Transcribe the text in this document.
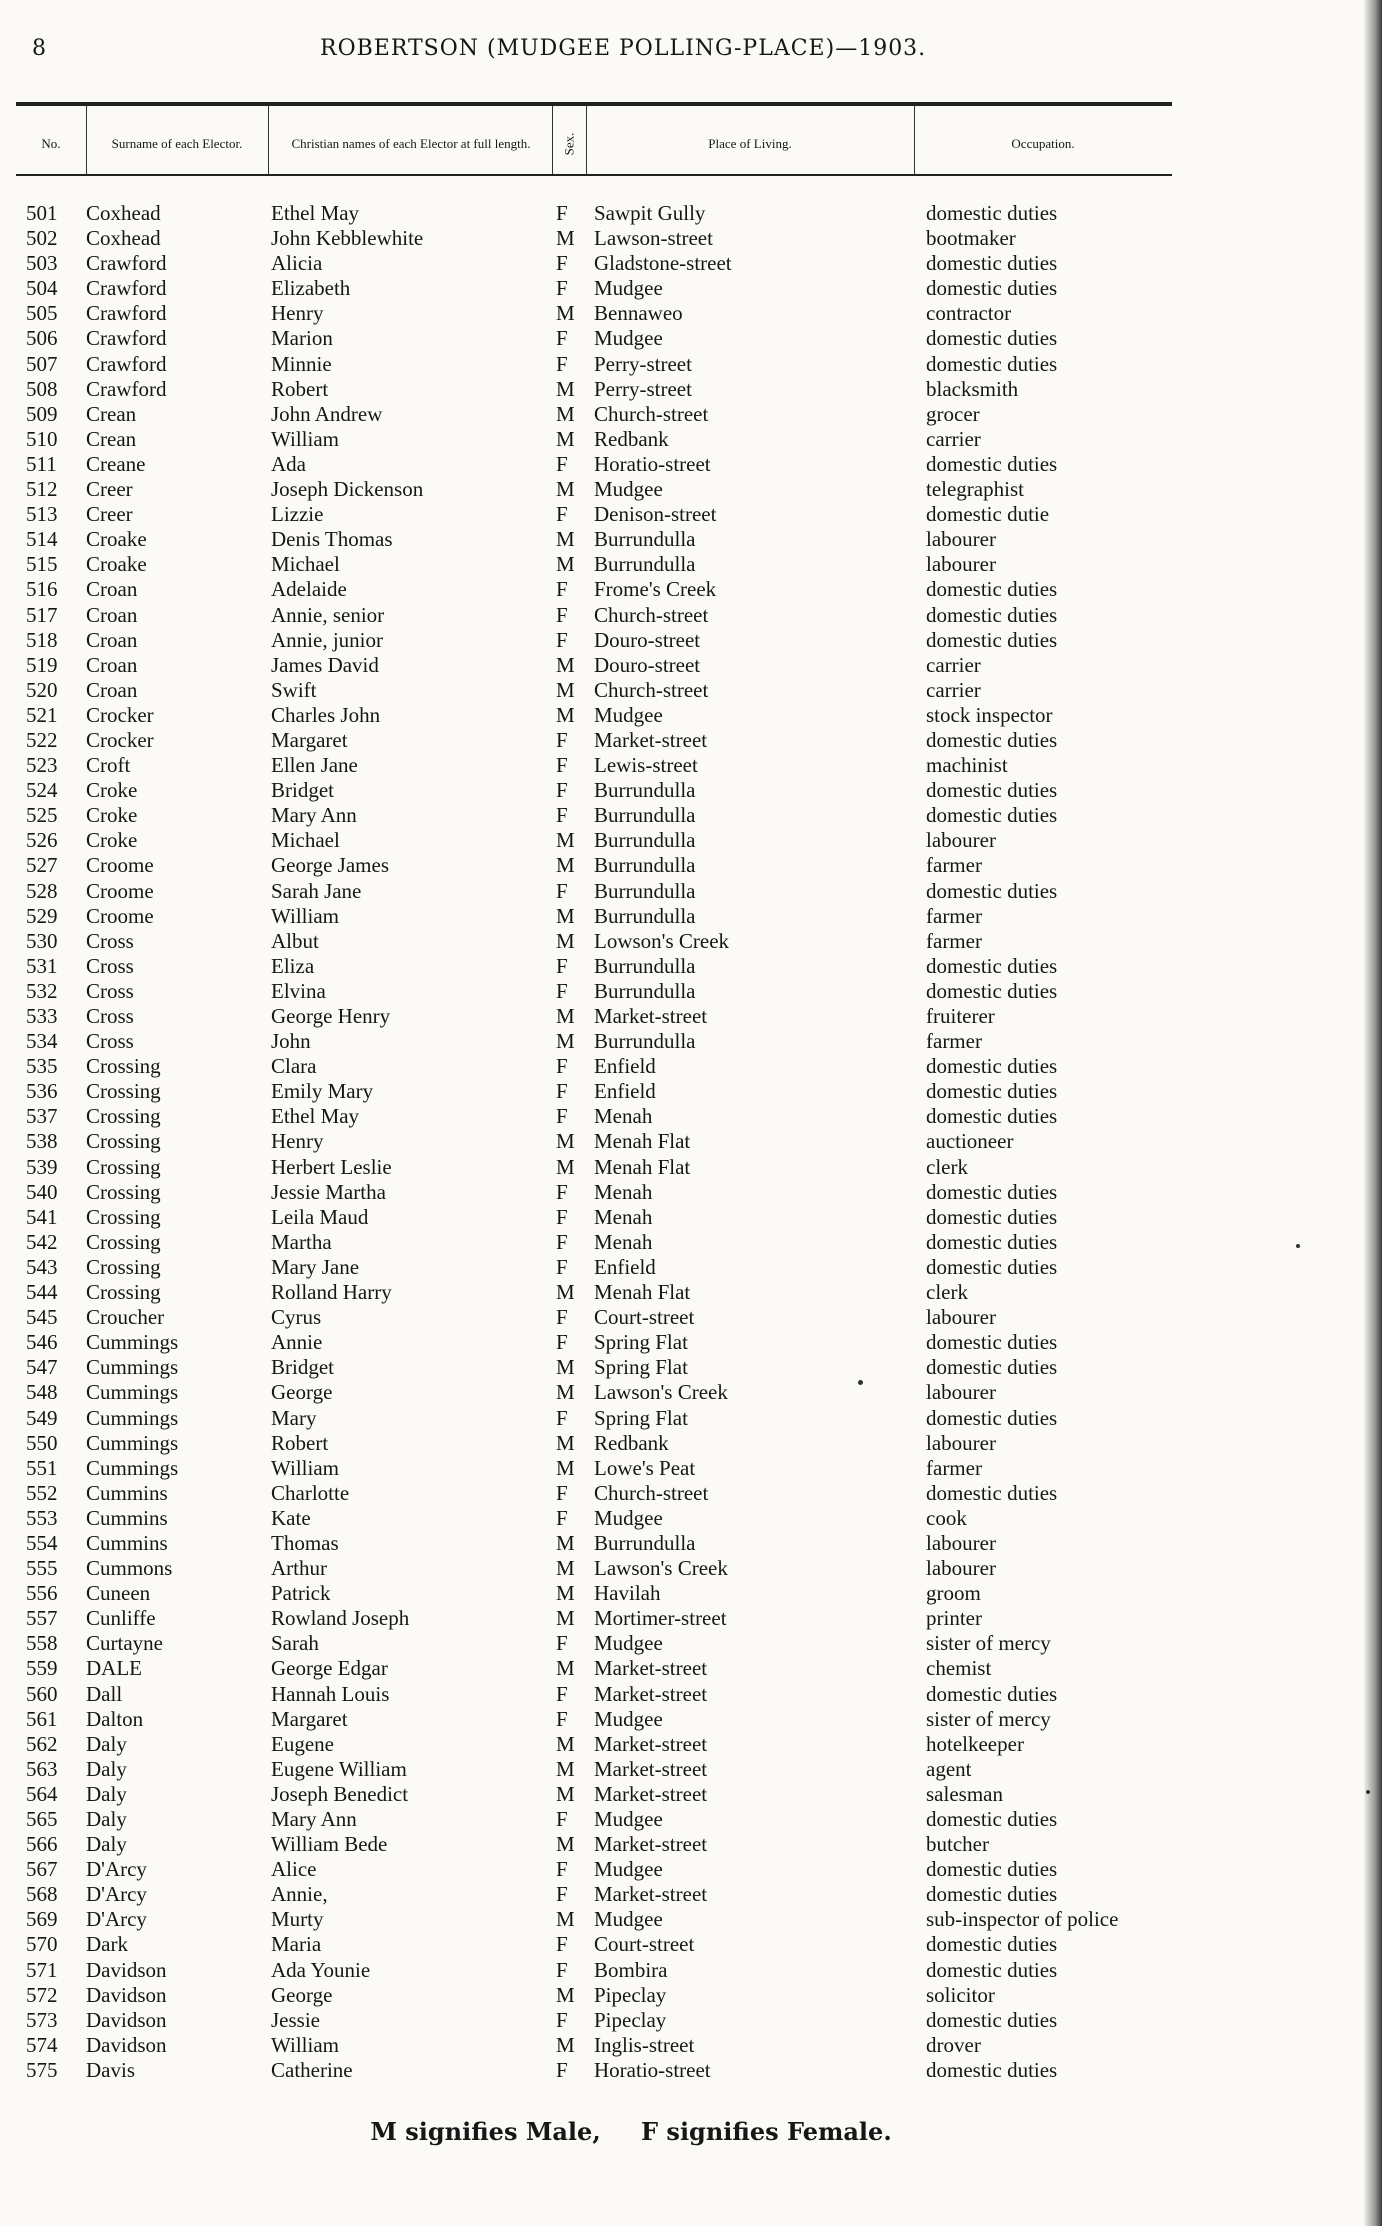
8	ROBERTSON (MUDGEE POLLING-PLACE)—1903.
No.	Surname of each Elector.	Christian names of each Elector at full length.	Sex.	Place of Living.	Occupation.
501 Coxhead	Ethel May	F Sawpit Gully	domestic duties
502 Coxhead	John Kebblewhite	M Lawson-street	bootmaker
503 Crawford	Alicia	F Gladstone-street	domestic duties
504 Crawford	Elizabeth	F Mudgee	domestic duties
505 Crawford	Henry	M Bennaweo	contractor
506 Crawford	Marion	F Mudgee	domestic duties
507 Crawford	Minnie	F Perry-street	domestic duties
508 Crawford	Robert	M Perry-street	blacksmith
509 Crean	John Andrew	M Church-street	grocer
510 Crean	William	M Redbank	carrier
511 Creane	Ada	F Horatio-street	domestic duties
512 Creer	Joseph Dickenson	M Mudgee	telegraphist
513 Creer	Lizzie	F Denison-street	domestic dutie
514 Croake	Denis Thomas	M Burrundulla	labourer
515 Croake	Michael	M Burrundulla	labourer
516 Croan	Adelaide	F Frome's Creek	domestic duties
517 Croan	Annie, senior	F Church-street	domestic duties
518 Croan	Annie, junior	F Douro-street	domestic duties
519 Croan	James David	M Douro-street	carrier
520 Croan	Swift	M Church-street	carrier
521 Crocker	Charles John	M Mudgee	stock inspector
522 Crocker	Margaret	F Market-street	domestic duties
523 Croft	Ellen Jane	F Lewis-street	machinist
524 Croke	Bridget	F Burrundulla	domestic duties
525 Croke	Mary Ann	F Burrundulla	domestic duties
526 Croke	Michael	M Burrundulla	labourer
527 Croome	George James	M Burrundulla	farmer
528 Croome	Sarah Jane	F Burrundulla	domestic duties
529 Croome	William	M Burrundulla	farmer
530 Cross	Albut	M Lowson's Creek	farmer
531 Cross	Eliza	F Burrundulla	domestic duties
532 Cross	Elvina	F Burrundulla	domestic duties
533 Cross	George Henry	M Market-street	fruiterer
534 Cross	John	M Burrundulla	farmer
535 Crossing	Clara	F Enfield	domestic duties
536 Crossing	Emily Mary	F Enfield	domestic duties
537 Crossing	Ethel May	F Menah	domestic duties
538 Crossing	Henry	M Menah Flat	auctioneer
539 Crossing	Herbert Leslie	M Menah Flat	clerk
540 Crossing	Jessie Martha	F Menah	domestic duties
541 Crossing	Leila Maud	F Menah	domestic duties
542 Crossing	Martha	F Menah	domestic duties
543 Crossing	Mary Jane	F Enfield	domestic duties
544 Crossing	Rolland Harry	M Menah Flat	clerk
545 Croucher	Cyrus	F Court-street	labourer
546 Cummings	Annie	F Spring Flat	domestic duties
547 Cummings	Bridget	M Spring Flat	domestic duties
548 Cummings	George	M Lawson's Creek	labourer
549 Cummings	Mary	F Spring Flat	domestic duties
550 Cummings	Robert	M Redbank	labourer
551 Cummings	William	M Lowe's Peat	farmer
552 Cummins	Charlotte	F Church-street	domestic duties
553 Cummins	Kate	F Mudgee	cook
554 Cummins	Thomas	M Burrundulla	labourer
555 Cummons	Arthur	M Lawson's Creek	labourer
556 Cuneen	Patrick	M Havilah	groom
557 Cunliffe	Rowland Joseph	M Mortimer-street	printer
558 Curtayne	Sarah	F Mudgee	sister of mercy
559 DALE	George Edgar	M Market-street	chemist
560 Dall	Hannah Louis	F Market-street	domestic duties
561 Dalton	Margaret	F Mudgee	sister of mercy
562 Daly	Eugene	M Market-street	hotelkeeper
563 Daly	Eugene William	M Market-street	agent
564 Daly	Joseph Benedict	M Market-street	salesman
565 Daly	Mary Ann	F Mudgee	domestic duties
566 Daly	William Bede	M Market-street	butcher
567 D'Arcy	Alice	F Mudgee	domestic duties
568 D'Arcy	Annie,	F Market-street	domestic duties
569 D'Arcy	Murty	M Mudgee	sub-inspector of police
570 Dark	Maria	F Court-street	domestic duties
571 Davidson	Ada Younie	F Bombira	domestic duties
572 Davidson	George	M Pipeclay	solicitor
573 Davidson	Jessie	F Pipeclay	domestic duties
574 Davidson	William	M Inglis-street	drover
575 Davis	Catherine	F Horatio-street	domestic duties
M signifies Male, F signifies Female.
